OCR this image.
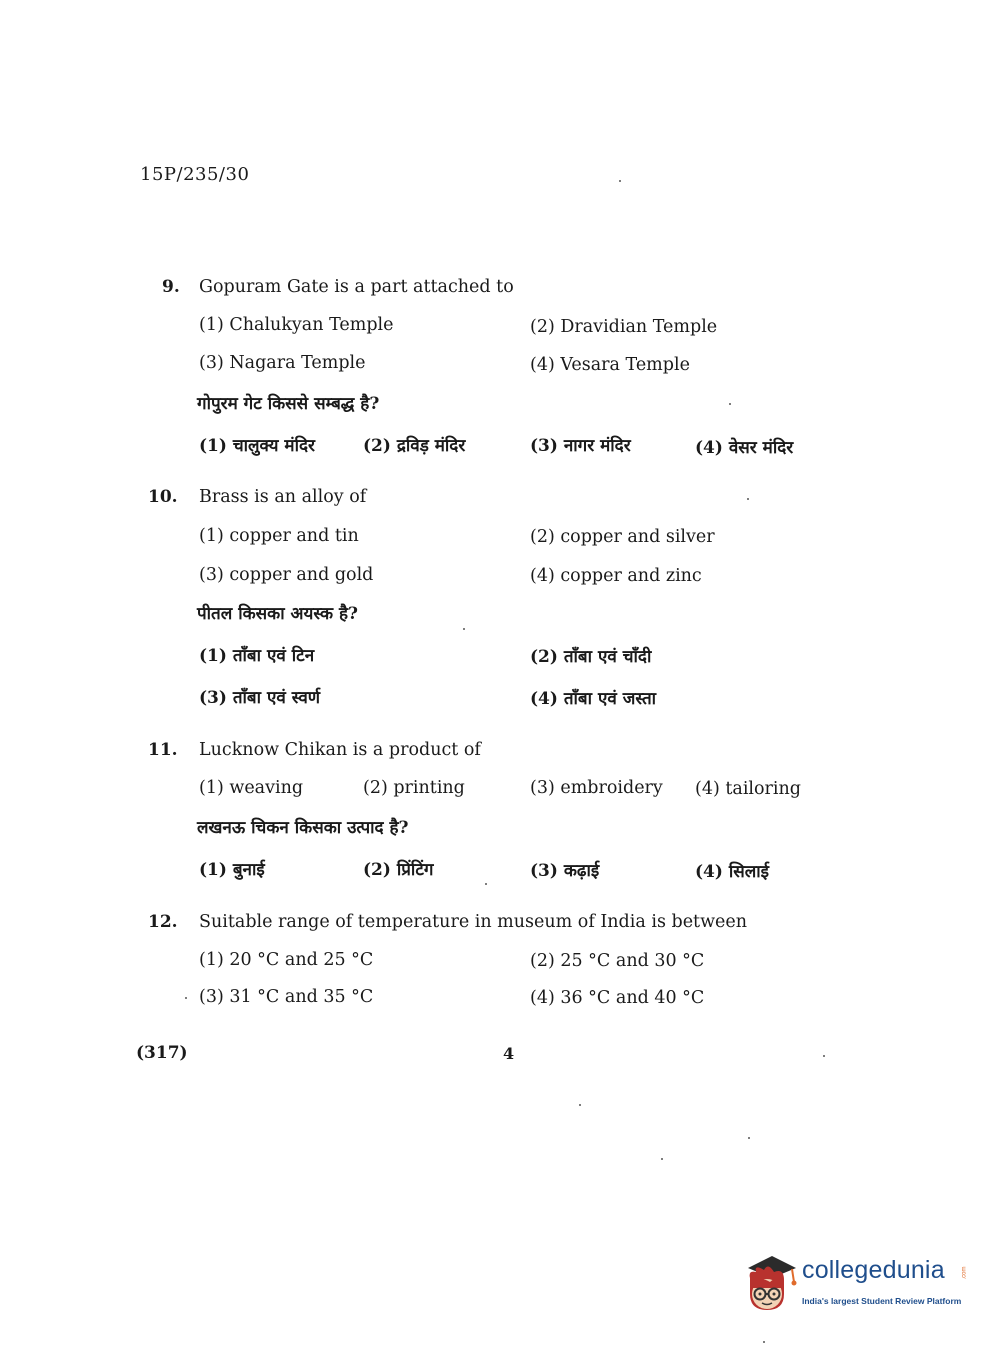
15P/235/30
9. Gopuram Gate is a part attached to
(1) Chalukyan Temple	(2) Dravidian Temple
(3) Nagara Temple	(4) Vesara Temple
गोपुरम गेट किससे सम्बद्ध है?
(1) चालुक्य मंदिर	(2) द्रविड़ मंदिर	(3) नागर मंदिर	(4) वेसर मंदिर
10. Brass is an alloy of
(1) copper and tin	(2) copper and silver
(3) copper and gold	(4) copper and zinc
पीतल किसका अयस्क है?
(1) ताँबा एवं टिन	(2) ताँबा एवं चाँदी
(3) ताँबा एवं स्वर्ण	(4) ताँबा एवं जस्ता
11. Lucknow Chikan is a product of
(1) weaving	(2) printing	(3) embroidery (4) tailoring
लखनऊ चिकन किसका उत्पाद है?
(1) बुनाई	(2) प्रिंटिंग	(3) कढ़ाई	(4) सिलाई
12. Suitable range of temperature in museum of India is between
(1) 20 °C and 25 °C	(2) 25 °C and 30 °C
(3) 31 °C and 35 °C	(4) 36 °C and 40 °C
(317)	4
collegedunia	.com
India's largest Student Review Platform
